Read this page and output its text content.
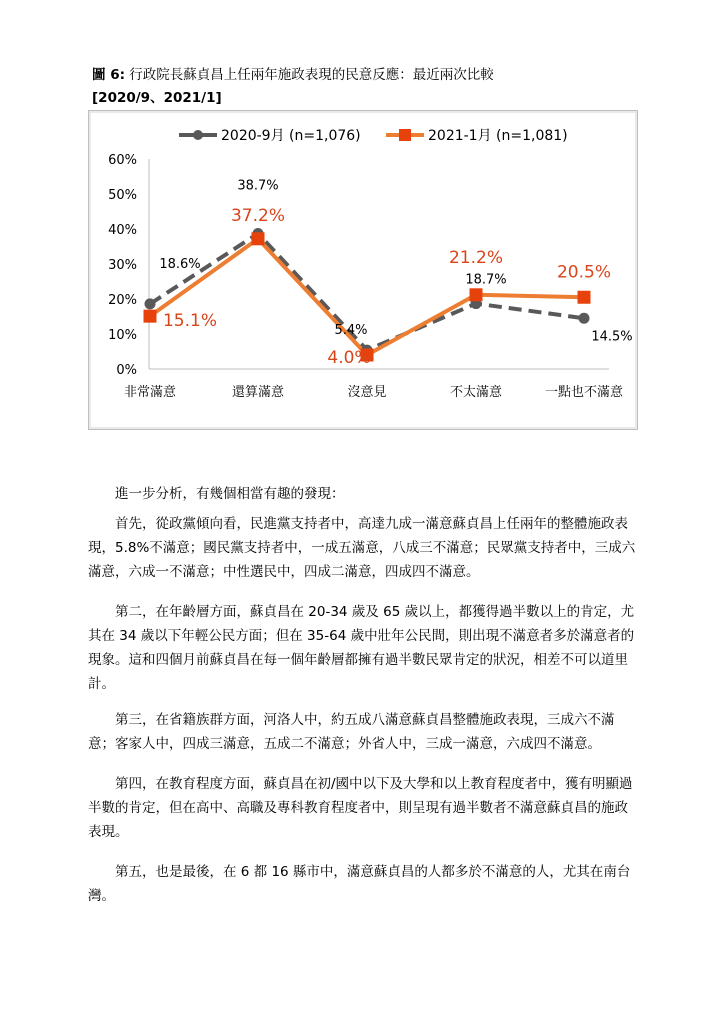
圖 6: 行政院長蘇貞昌上任兩年施政表現的民意反應：最近兩次比較
[2020/9、2021/1]
0%
10%
20%
30%
40%
50%
60%
非常滿意	還算滿意	沒意見	不太滿意	一點也不滿意
18.6%
38.7%
5.4%
18.7%
14.5%
15.1%
37.2%
4.0%
21.2%
20.5%
2020-9月 (n=1,076)	2021-1月 (n=1,081)

進一步分析，有幾個相當有趣的發現：

首先，從政黨傾向看，民進黨支持者中，高達九成一滿意蘇貞昌上任兩年的整體施政表現，5.8%不滿意；國民黨支持者中，一成五滿意，八成三不滿意；民眾黨支持者中，三成六滿意，六成一不滿意；中性選民中，四成二滿意，四成四不滿意。

第二，在年齡層方面，蘇貞昌在 20-34 歲及 65 歲以上，都獲得過半數以上的肯定，尤其在 34 歲以下年輕公民方面；但在 35-64 歲中壯年公民間，則出現不滿意者多於滿意者的現象。這和四個月前蘇貞昌在每一個年齡層都擁有過半數民眾肯定的狀況，相差不可以道里計。

第三，在省籍族群方面，河洛人中，約五成八滿意蘇貞昌整體施政表現，三成六不滿意；客家人中，四成三滿意，五成二不滿意；外省人中，三成一滿意，六成四不滿意。

第四，在教育程度方面，蘇貞昌在初/國中以下及大學和以上教育程度者中，獲有明顯過半數的肯定，但在高中、高職及專科教育程度者中，則呈現有過半數者不滿意蘇貞昌的施政表現。

第五，也是最後，在 6 都 16 縣市中，滿意蘇貞昌的人都多於不滿意的人，尤其在南台灣。
